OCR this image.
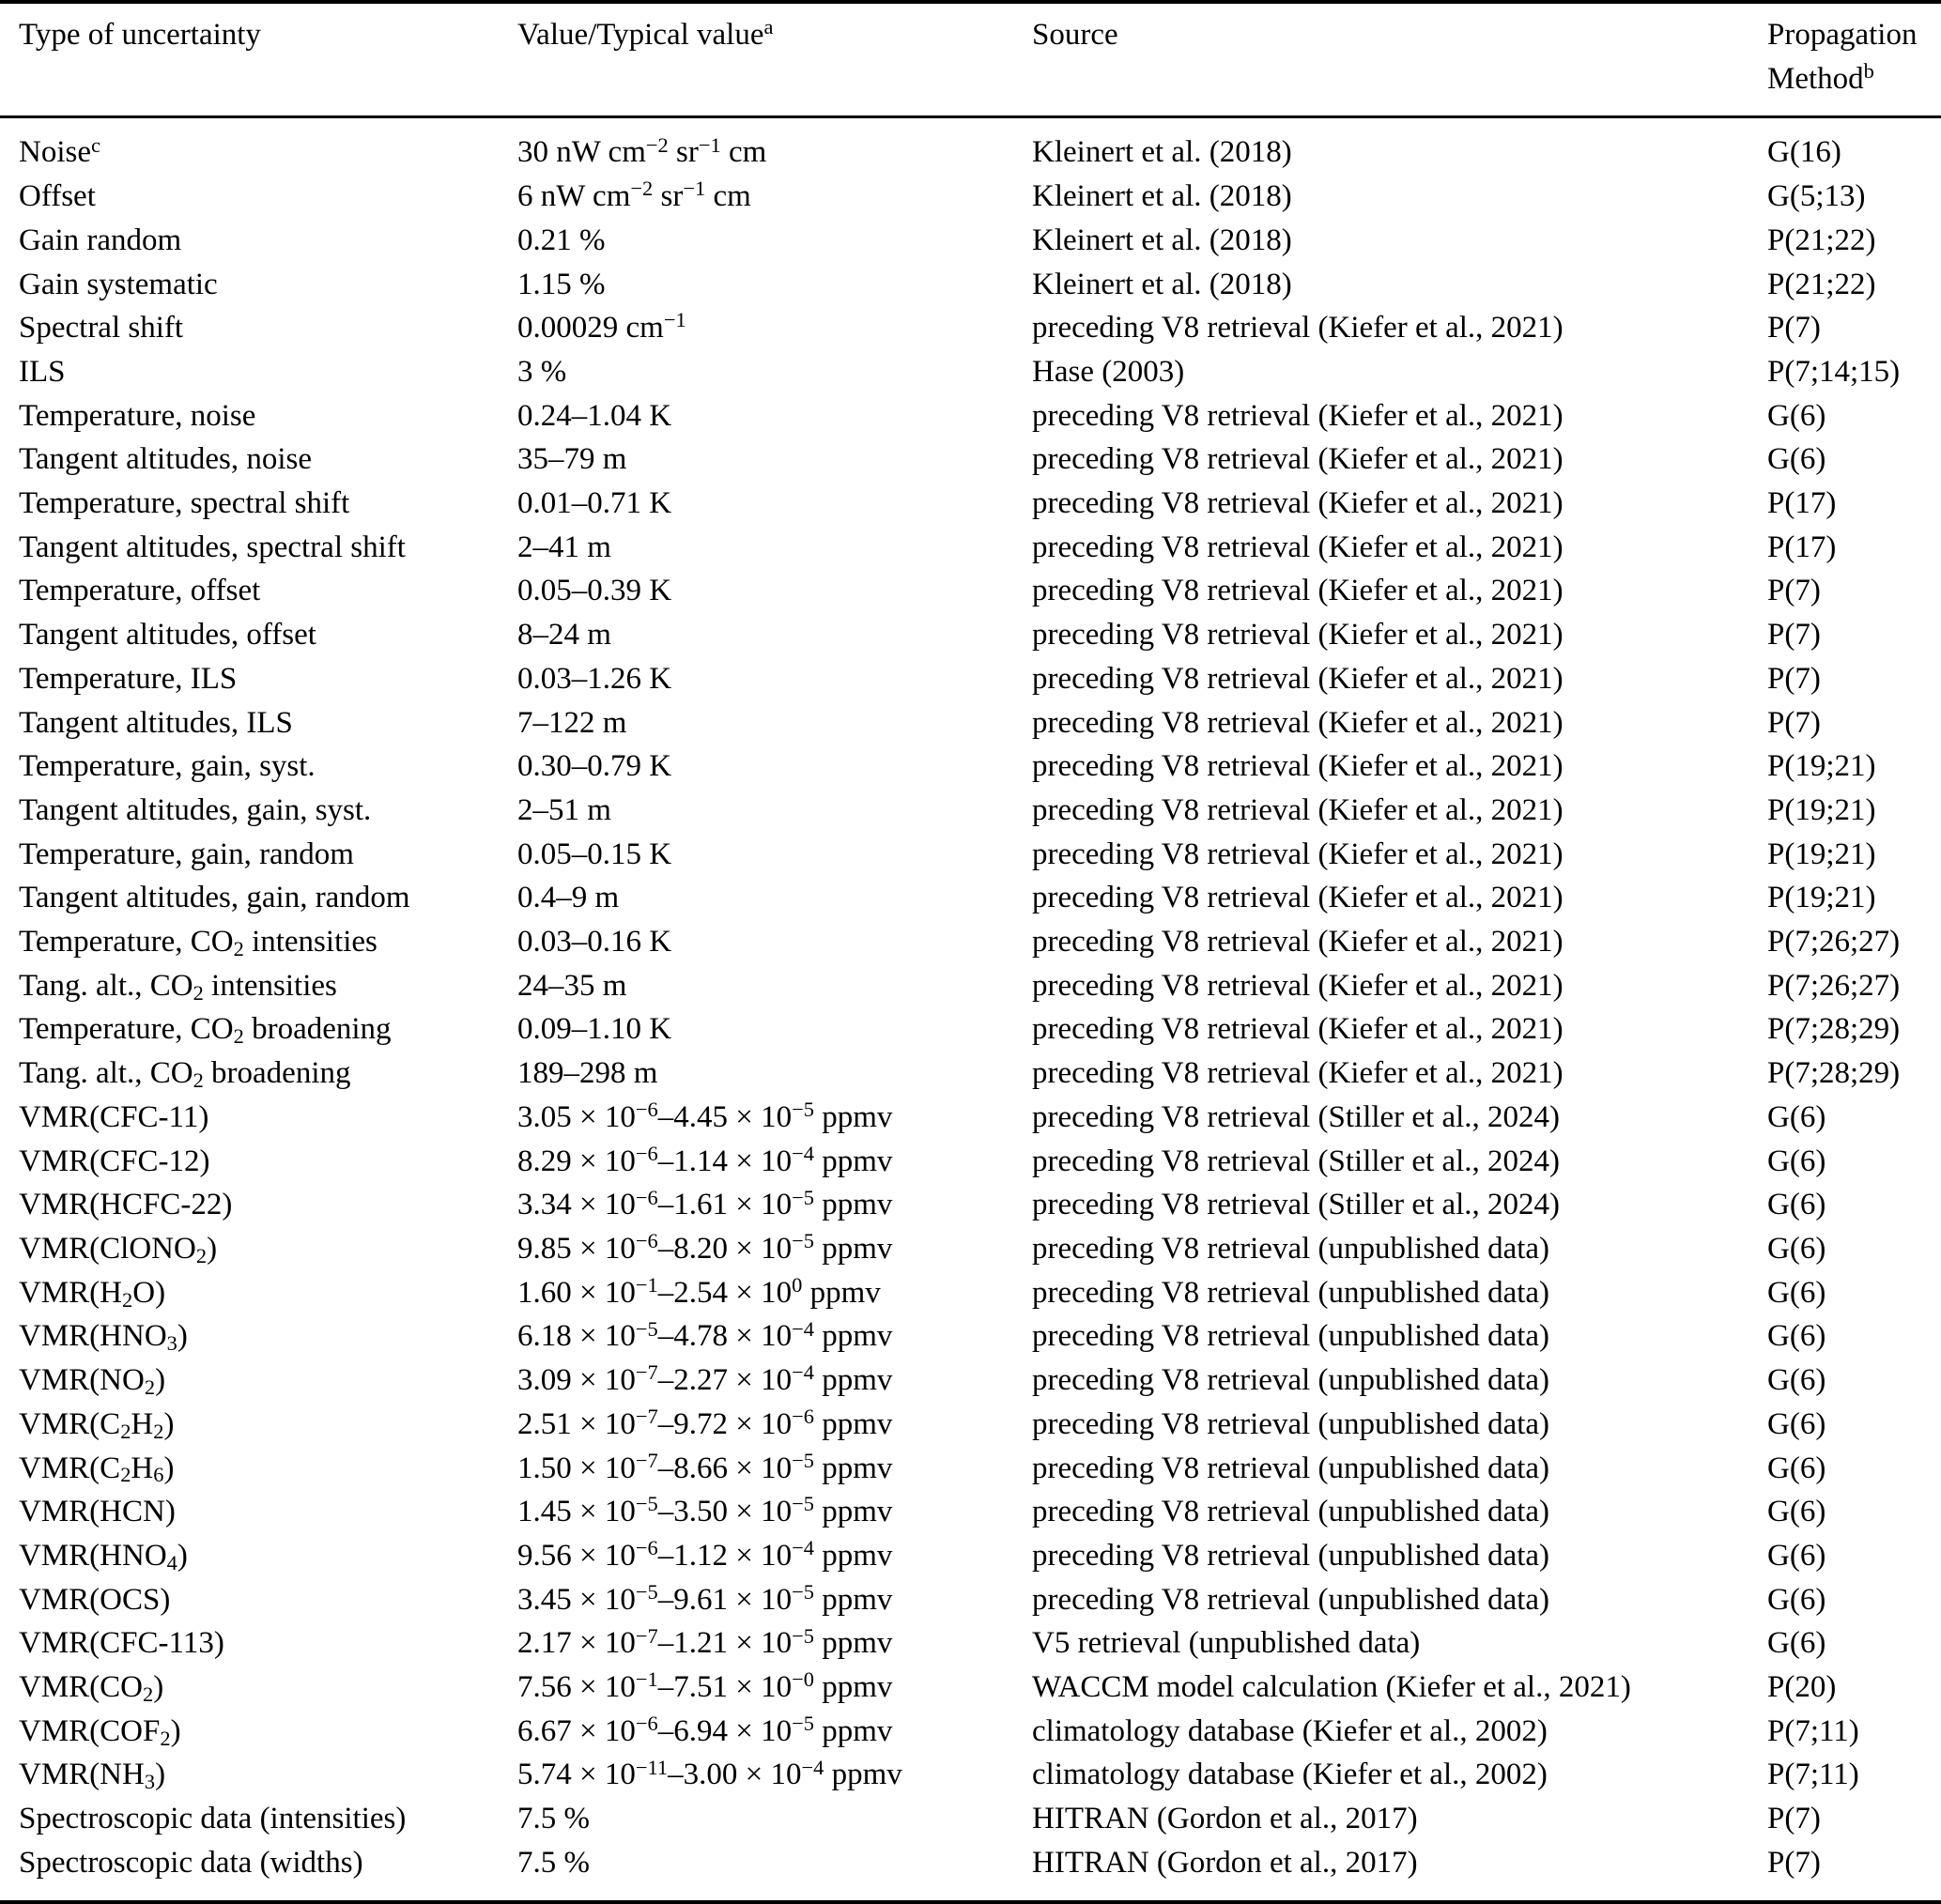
Type of uncertainty	Value/Typical value$^a$	Source	Propagation Method$^b$
Noise$^c$	30 nW $cm^{-2}$ $sr^{-1}$ cm	Kleinert et al. (2018)	G(16)
Offset	6 nW $cm^{-2}$ $sr^{-1}$ cm	Kleinert et al. (2018)	G(5;13)
Gain random	0.21 %	Kleinert et al. (2018)	P(21;22)
Gain systematic	1.15 %	Kleinert et al. (2018)	P(21;22)
Spectral shift	0.00029 $cm^{-1}$	preceding V8 retrieval (Kiefer et al., 2021)	P(7)
ILS	3 %	Hase (2003)	P(7;14;15)
Temperature, noise	0.24–1.04 K	preceding V8 retrieval (Kiefer et al., 2021)	G(6)
Tangent altitudes, noise	35–79 m	preceding V8 retrieval (Kiefer et al., 2021)	G(6)
Temperature, spectral shift	0.01–0.71 K	preceding V8 retrieval (Kiefer et al., 2021)	P(17)
Tangent altitudes, spectral shift	2–41 m	preceding V8 retrieval (Kiefer et al., 2021)	P(17)
Temperature, offset	0.05–0.39 K	preceding V8 retrieval (Kiefer et al., 2021)	P(7)
Tangent altitudes, offset	8–24 m	preceding V8 retrieval (Kiefer et al., 2021)	P(7)
Temperature, ILS	0.03–1.26 K	preceding V8 retrieval (Kiefer et al., 2021)	P(7)
Tangent altitudes, ILS	7–122 m	preceding V8 retrieval (Kiefer et al., 2021)	P(7)
Temperature, gain, syst.	0.30–0.79 K	preceding V8 retrieval (Kiefer et al., 2021)	P(19;21)
Tangent altitudes, gain, syst.	2–51 m	preceding V8 retrieval (Kiefer et al., 2021)	P(19;21)
Temperature, gain, random	0.05–0.15 K	preceding V8 retrieval (Kiefer et al., 2021)	P(19;21)
Tangent altitudes, gain, random	0.4–9 m	preceding V8 retrieval (Kiefer et al., 2021)	P(19;21)
Temperature, $CO_2$ intensities	0.03–0.16 K	preceding V8 retrieval (Kiefer et al., 2021)	P(7;26;27)
Tang. alt., $CO_2$ intensities	24–35 m	preceding V8 retrieval (Kiefer et al., 2021)	P(7;26;27)
Temperature, $CO_2$ broadening	0.09–1.10 K	preceding V8 retrieval (Kiefer et al., 2021)	P(7;28;29)
Tang. alt., $CO_2$ broadening	189–298 m	preceding V8 retrieval (Kiefer et al., 2021)	P(7;28;29)
VMR(CFC-11)	$3.05 \times 10^{-6}-4.45 \times 10^{-5}$ ppmv	preceding V8 retrieval (Stiller et al., 2024)	G(6)
VMR(CFC-12)	$8.29 \times 10^{-6}-1.14 \times 10^{-4}$ ppmv	preceding V8 retrieval (Stiller et al., 2024)	G(6)
VMR(HCFC-22)	$3.34 \times 10^{-6}-1.61 \times 10^{-5}$ ppmv	preceding V8 retrieval (Stiller et al., 2024)	G(6)
VMR(ClONO$_2$)	$9.85 \times 10^{-6}-8.20 \times 10^{-5}$ ppmv	preceding V8 retrieval (unpublished data)	G(6)
$VMR(H_2O)$	$1.60 \times 10^{-1}-2.54 \times 10^0$ ppmv	preceding V8 retrieval (unpublished data)	G(6)
$VMR(HNO_3)$	$6.18 \times 10^{-5}-4.78 \times 10^{-4}$ ppmv	preceding V8 retrieval (unpublished data)	G(6)
$VMR(NO_2)$	$3.09 \times 10^{-7}-2.27 \times 10^{-4}$ ppmv	preceding V8 retrieval (unpublished data)	G(6)
$VMR(C_2H_2)$	$2.51 \times 10^{-7}-9.72 \times 10^{-6}$ ppmv	preceding V8 retrieval (unpublished data)	G(6)
$VMR(C_2H_6)$	$1.50 \times 10^{-7}-8.66 \times 10^{-5}$ ppmv	preceding V8 retrieval (unpublished data)	G(6)
VMR(HCN)	$1.45 \times 10^{-5}-3.50 \times 10^{-5}$ ppmv	preceding V8 retrieval (unpublished data)	G(6)
$VMR(HNO_4)$	$9.56 \times 10^{-6}-1.12 \times 10^{-4}$ ppmv	preceding V8 retrieval (unpublished data)	G(6)
VMR(OCS)	$3.45 \times 10^{-5}-9.61 \times 10^{-5}$ ppmv	preceding V8 retrieval (unpublished data)	G(6)
VMR(CFC-113)	$2.17 \times 10^{-7}-1.21 \times 10^{-5}$ ppmv	V5 retrieval (unpublished data)	G(6)
$VMR(CO_2)$	$7.56 \times 10^{-1}-7.51 \times 10^{-0}$ ppmv	WACCM model calculation (Kiefer et al., 2021)	P(20)
$VMR(COF_2)$	$6.67 \times 10^{-6}-6.94 \times 10^{-5}$ ppmv	climatology database (Kiefer et al., 2002)	P(7;11)
$VMR(NH_3)$	$5.74 \times 10^{-11}-3.00 \times 10^{-4}$ ppmv	climatology database (Kiefer et al., 2002)	P(7;11)
Spectroscopic data (intensities)	7.5 %	HITRAN (Gordon et al., 2017)	P(7)
Spectroscopic data (widths)	7.5 %	HITRAN (Gordon et al., 2017)	P(7)
